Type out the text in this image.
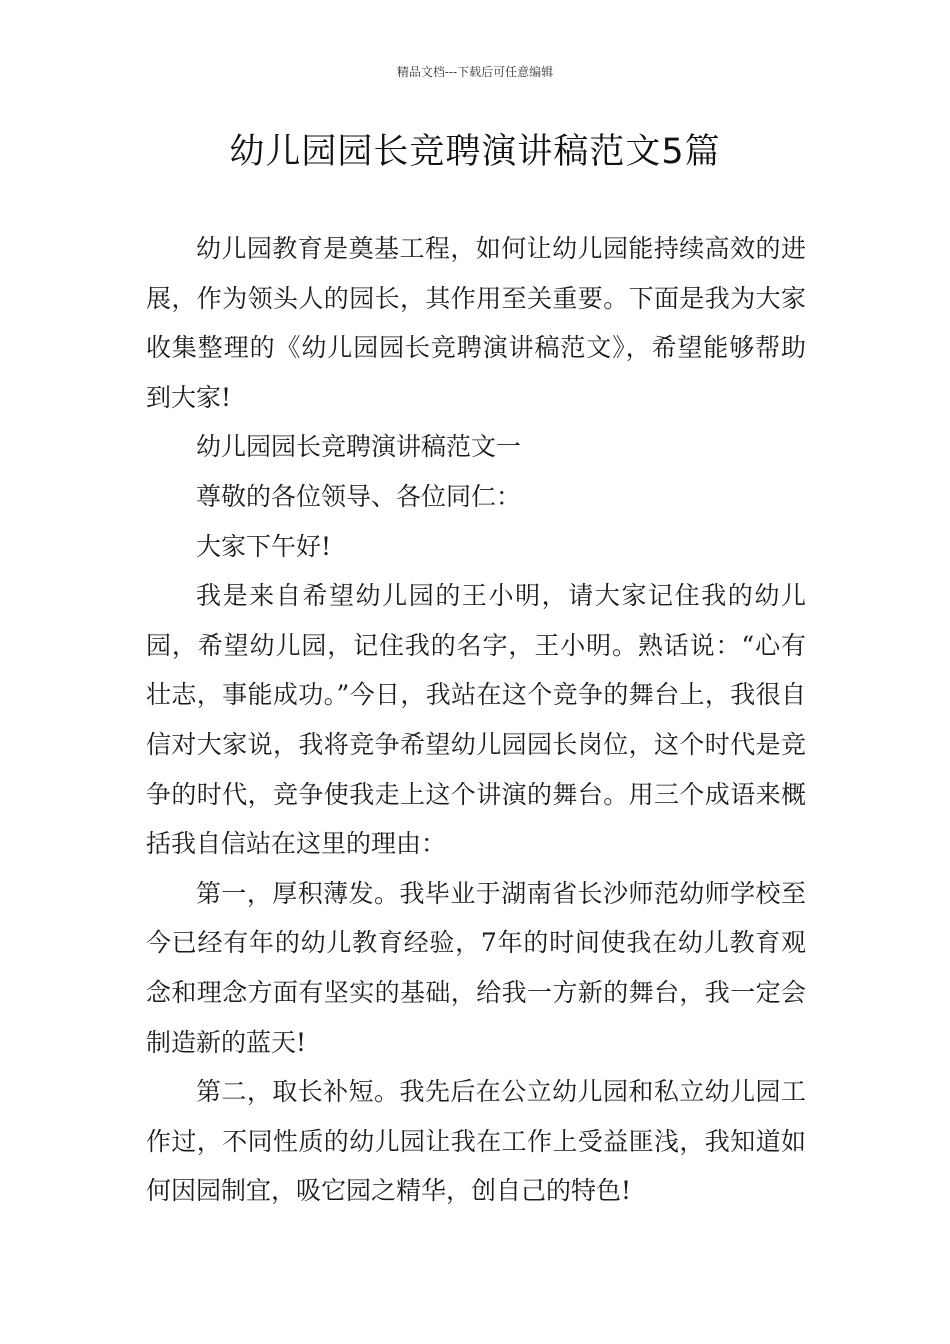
精品文档---下载后可任意编辑
幼儿园园长竞聘演讲稿范文5篇

幼儿园教育是奠基工程，如何让幼儿园能持续高效的进展，作为领头人的园长，其作用至关重要。下面是我为大家收集整理的《幼儿园园长竞聘演讲稿范文》，希望能够帮助到大家!

幼儿园园长竞聘演讲稿范文一

尊敬的各位领导、各位同仁：

大家下午好!

我是来自希望幼儿园的王小明，请大家记住我的幼儿园，希望幼儿园，记住我的名字，王小明。熟话说：“心有壮志，事能成功。”今日，我站在这个竞争的舞台上，我很自信对大家说，我将竞争希望幼儿园园长岗位，这个时代是竞争的时代，竞争使我走上这个讲演的舞台。用三个成语来概括我自信站在这里的理由：

第一，厚积薄发。我毕业于湖南省长沙师范幼师学校至今已经有年的幼儿教育经验，7年的时间使我在幼儿教育观念和理念方面有坚实的基础，给我一方新的舞台，我一定会制造新的蓝天!

第二，取长补短。我先后在公立幼儿园和私立幼儿园工作过，不同性质的幼儿园让我在工作上受益匪浅，我知道如何因园制宜，吸它园之精华，创自己的特色!
